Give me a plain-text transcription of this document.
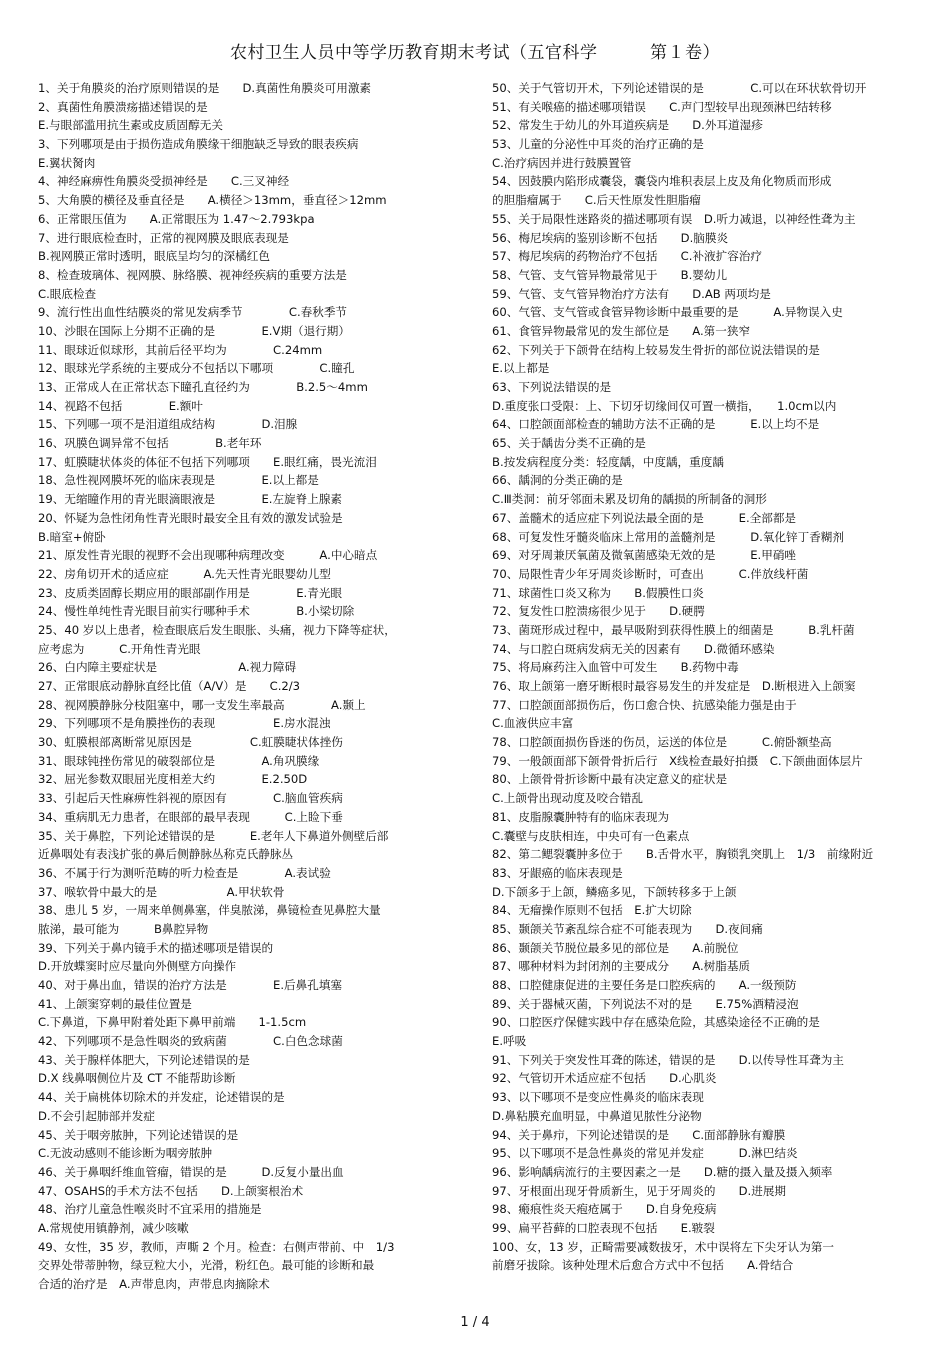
农村卫生人员中等学历教育期末考试（五官科学　　　第１卷）
1、关于角膜炎的治疗原则错误的是　　D.真菌性角膜炎可用激素
2、真菌性角膜溃疡描述错误的是
E.与眼部滥用抗生素或皮质固醇无关
3、下列哪项是由于损伤造成角膜缘干细胞缺乏导致的眼表疾病
E.翼状胬肉
4、神经麻痹性角膜炎受损神经是　　C.三叉神经
5、大角膜的横径及垂直径是　　A.横径＞13mm，垂直径＞12mm
6、正常眼压值为　　A.正常眼压为 1.47～2.793kpa
7、进行眼底检查时，正常的视网膜及眼底表现是
B.视网膜正常时透明，眼底呈均匀的深橘红色
8、检查玻璃体、视网膜、脉络膜、视神经疾病的重要方法是
C.眼底检查
9、流行性出血性结膜炎的常见发病季节　　　　C.春秋季节
10、沙眼在国际上分期不正确的是　　　　E.Ⅴ期（退行期）
11、眼球近似球形，其前后径平均为　　　　C.24mm
12、眼球光学系统的主要成分不包括以下哪项　　　　C.瞳孔
13、正常成人在正常状态下瞳孔直径约为　　　　B.2.5～4mm
14、视路不包括　　　　E.额叶
15、下列哪一项不是泪道组成结构　　　　D.泪腺
16、巩膜色调异常不包括　　　　B.老年环
17、虹膜睫状体炎的体征不包括下列哪项　　E.眼红痛，畏光流泪
18、急性视网膜坏死的临床表现是　　　　E.以上都是
19、无缩瞳作用的青光眼滴眼液是　　　　E.左旋脊上腺素
20、怀疑为急性闭角性青光眼时最安全且有效的激发试验是
B.暗室+俯卧
21、原发性青光眼的视野不会出现哪种病理改变　　　A.中心暗点
22、房角切开术的适应症　　　A.先天性青光眼婴幼儿型
23、皮质类固醇长期应用的眼部副作用是　　　　E.青光眼
24、慢性单纯性青光眼目前实行哪种手术　　　　B.小梁切除
25、40 岁以上患者，检查眼底后发生眼胀、头痛，视力下降等症状，
应考虑为　　　C.开角性青光眼
26、白内障主要症状是　　　　　　　A.视力障碍
27、正常眼底动静脉直经比值（A/V）是　　C.2/3
28、视网膜静脉分枝阻塞中，哪一支发生率最高　　　　A.颞上
29、下列哪项不是角膜挫伤的表现　　　　　E.房水混浊
30、虹膜根部离断常见原因是　　　　　C.虹膜睫状体挫伤
31、眼球钝挫伤常见的破裂部位是　　　　A.角巩膜缘
32、屈光参数双眼屈光度相差大约　　　　E.2.50D
33、引起后天性麻痹性斜视的原因有　　　　C.脑血管疾病
34、重病肌无力患者，在眼部的最早表现　　　C.上睑下垂
35、关于鼻腔，下列论述错误的是　　　E.老年人下鼻道外侧壁后部
近鼻咽处有表浅扩张的鼻后侧静脉丛称克氏静脉丛
36、不属于行为测听范畴的听力检查是　　　　A.表试验
37、喉软骨中最大的是　　　　　　A.甲状软骨
38、患儿 5 岁，一周来单侧鼻塞，伴臭脓涕，鼻镜检查见鼻腔大量
脓涕，最可能为　　　B鼻腔异物
39、下列关于鼻内镜手术的描述哪项是错误的
D.开放蝶窦时应尽量向外侧壁方向操作
40、对于鼻出血，错误的治疗方法是　　　　E.后鼻孔填塞
41、上颌窦穿刺的最佳位置是
C.下鼻道，下鼻甲附着处距下鼻甲前端　　1-1.5cm
42、下列哪项不是急性咽炎的致病菌　　　　C.白色念球菌
43、关于腺样体肥大，下列论述错误的是
D.X 线鼻咽侧位片及 CT 不能帮助诊断
44、关于扁桃体切除术的并发症，论述错误的是
D.不会引起肺部并发症
45、关于咽旁脓肿，下列论述错误的是
C.无波动感则不能诊断为咽旁脓肿
46、关于鼻咽纤维血管瘤，错误的是　　　D.反复小量出血
47、OSAHS的手术方法不包括　　D.上颌窦根治术
48、治疗儿童急性喉炎时不宜采用的措施是
A.常规使用镇静剂，减少咳嗽
49、女性，35 岁，教师，声嘶 2 个月。检查：右侧声带前、中　1/3
交界处带蒂肿物，绿豆粒大小，光滑，粉红色。最可能的诊断和最
合适的治疗是　A.声带息肉，声带息肉摘除术
50、关于气管切开术，下列论述错误的是　　　　C.可以在环状软骨切开
51、有关喉癌的描述哪项错误　　C.声门型较早出现颈淋巴结转移
52、常发生于幼儿的外耳道疾病是　　D.外耳道湿疹
53、儿童的分泌性中耳炎的治疗正确的是
C.治疗病因并进行鼓膜置管
54、因鼓膜内陷形成囊袋，囊袋内堆积表层上皮及角化物质而形成
的胆脂瘤属于　　C.后天性原发性胆脂瘤
55、关于局限性迷路炎的描述哪项有误　D.听力减退，以神经性聋为主
56、梅尼埃病的鉴别诊断不包括　　D.脑膜炎
57、梅尼埃病的药物治疗不包括　　C.补液扩容治疗
58、气管、支气管异物最常见于　　B.婴幼儿
59、气管、支气管异物治疗方法有　　D.AB 两项均是
60、气管、支气管或食管异物诊断中最重要的是　　　A.异物误入史
61、食管异物最常见的发生部位是　　A.第一狭窄
62、下列关于下颌骨在结构上较易发生骨折的部位说法错误的是
E.以上都是
63、下列说法错误的是
D.重度张口受限：上、下切牙切缘间仅可置一横指，　　1.0cm以内
64、口腔颌面部检查的辅助方法不正确的是　　　E.以上均不是
65、关于龋齿分类不正确的是
B.按发病程度分类：轻度龋，中度龋，重度龋
66、龋洞的分类正确的是
C.Ⅲ类洞：前牙邻面未累及切角的龋损的所制备的洞形
67、盖髓术的适应症下列说法最全面的是　　　E.全部都是
68、可复发性牙髓炎临床上常用的盖髓剂是　　　D.氧化锌丁香糊剂
69、对牙周兼厌氧菌及微氧菌感染无效的是　　　E.甲硝唑
70、局限性青少年牙周炎诊断时，可查出　　　C.伴放线杆菌
71、球菌性口炎又称为　　B.假膜性口炎
72、复发性口腔溃疡很少见于　　D.硬腭
73、菌斑形成过程中，最早吸附到获得性膜上的细菌是　　　B.乳杆菌
74、与口腔白斑病发病无关的因素有　　D.微循环感染
75、将局麻药注入血管中可发生　　B.药物中毒
76、取上颌第一磨牙断根时最容易发生的并发症是　D.断根进入上颌窦
77、口腔颌面部损伤后，伤口愈合快、抗感染能力强是由于
C.血液供应丰富
78、口腔颌面损伤昏迷的伤员，运送的体位是　　　C.俯卧额垫高
79、一般颌面部下颌骨骨折后行　X线检查最好拍摄　C.下颌曲面体层片
80、上颌骨骨折诊断中最有决定意义的症状是
C.上颌骨出现动度及咬合错乱
81、皮脂腺囊肿特有的临床表现为
C.囊壁与皮肤相连，中央可有一色素点
82、第二鳃裂囊肿多位于　　B.舌骨水平，胸锁乳突肌上　1/3　前缘附近
83、牙龈癌的临床表现是
D.下颌多于上颌，鳞癌多见，下颌转移多于上颌
84、无瘤操作原则不包括　E.扩大切除
85、颞颌关节紊乱综合症不可能表现为　　D.夜间痛
86、颞颌关节脱位最多见的部位是　　A.前脱位
87、哪种材料为封闭剂的主要成分　　A.树脂基质
88、口腔健康促进的主要任务是口腔疾病的　　A.一级预防
89、关于器械灭菌，下列说法不对的是　　E.75%酒精浸泡
90、口腔医疗保健实践中存在感染危险，其感染途径不正确的是
E.呼吸
91、下列关于突发性耳聋的陈述，错误的是　　D.以传导性耳聋为主
92、气管切开术适应症不包括　　D.心肌炎
93、以下哪项不是变应性鼻炎的临床表现
D.鼻粘膜充血明显，中鼻道见脓性分泌物
94、关于鼻疖，下列论述错误的是　　C.面部静脉有瓣膜
95、以下哪项不是急性鼻炎的常见并发症　　　D.淋巴结炎
96、影响龋病流行的主要因素之一是　　D.糖的摄入量及摄入频率
97、牙根面出现牙骨质新生，见于牙周炎的　　D.进展期
98、瘢痕性炎天疱疮属于　　D.自身免疫病
99、扁平苔藓的口腔表现不包括　　E.皲裂
100、女，13 岁，正畸需要减数拔牙，术中误将左下尖牙认为第一
前磨牙拔除。该种处理术后愈合方式中不包括　　A.骨结合
1 / 4
